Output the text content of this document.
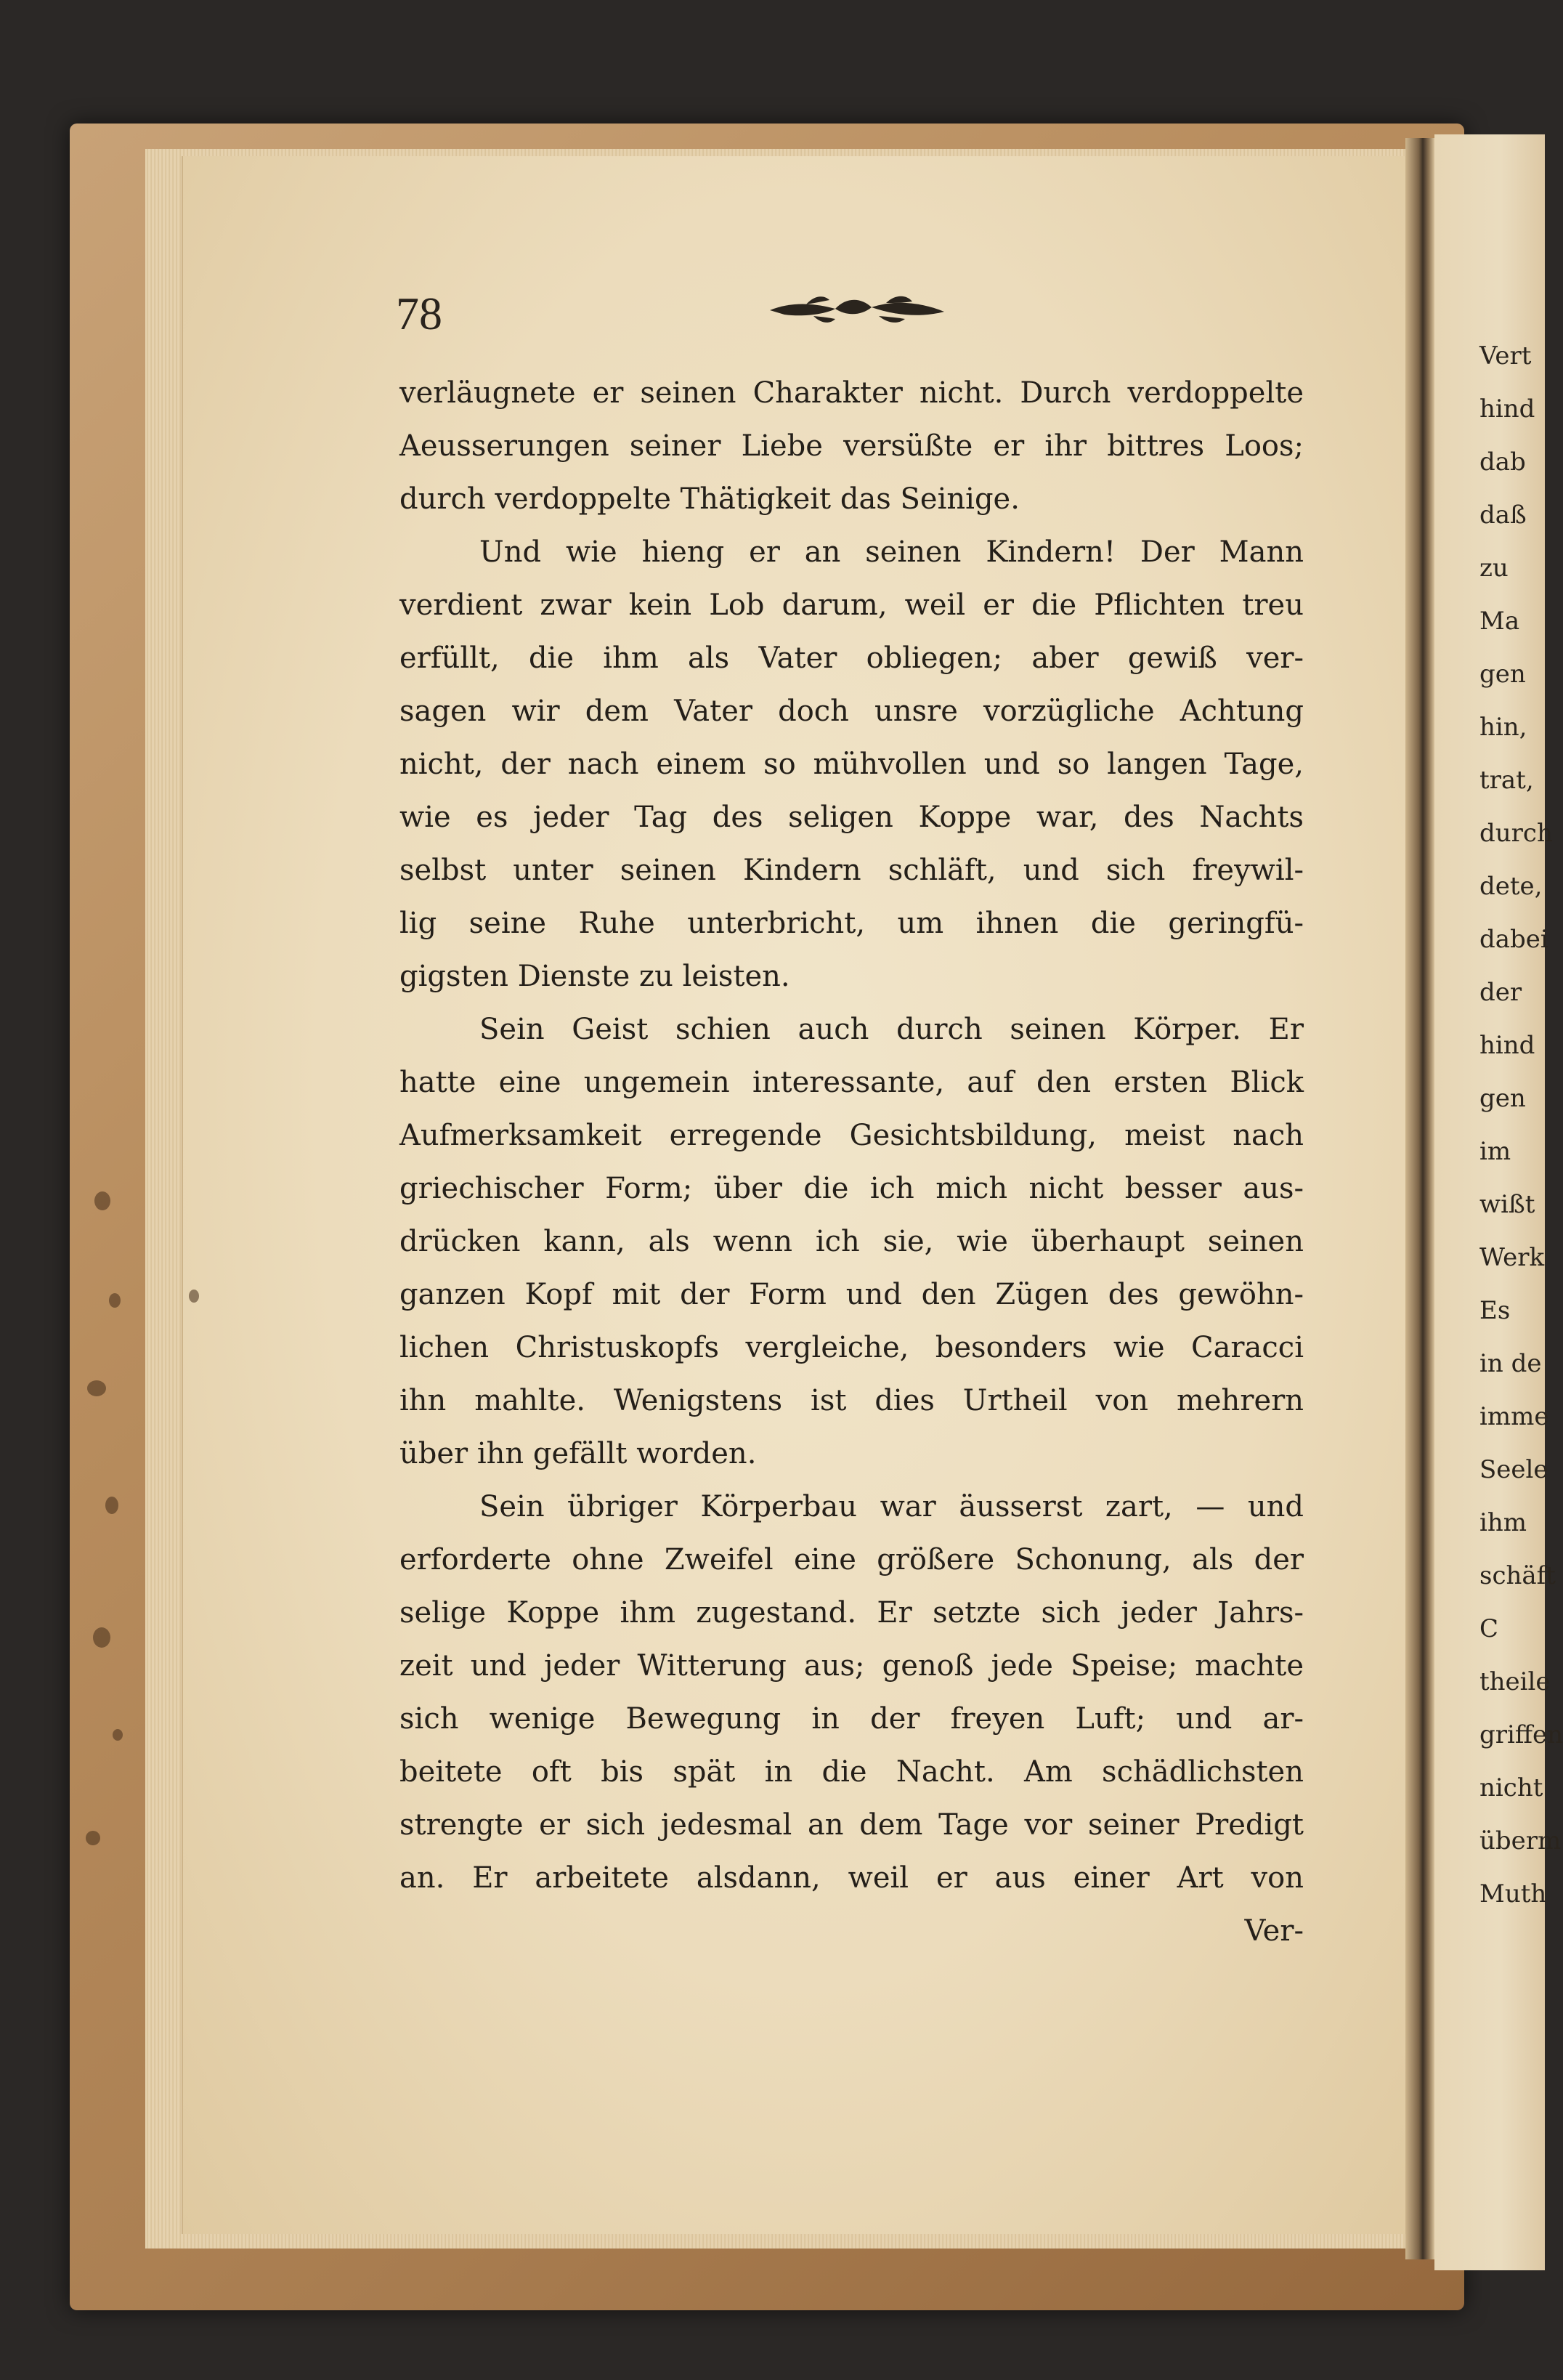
Vert
hind
dab
daß
zu
Ma
gen
hin,
trat,
durch
dete,
dabei
der
hind
gen
im
wißt
Werk
Es
in de
imme
Seele
ihm
schäft
C
theile
griffen
nicht
überm
Muth
78
verläugnete er seinen Charakter nicht. Durch verdoppelte
Aeusserungen seiner Liebe versüßte er ihr bittres Loos;
durch verdoppelte Thätigkeit das Seinige.
Und wie hieng er an seinen Kindern! Der Mann
verdient zwar kein Lob darum, weil er die Pflichten treu
erfüllt, die ihm als Vater obliegen; aber gewiß ver-
sagen wir dem Vater doch unsre vorzügliche Achtung
nicht, der nach einem so mühvollen und so langen Tage,
wie es jeder Tag des seligen Koppe war, des Nachts
selbst unter seinen Kindern schläft, und sich freywil-
lig seine Ruhe unterbricht, um ihnen die geringfü-
gigsten Dienste zu leisten.
Sein Geist schien auch durch seinen Körper. Er
hatte eine ungemein interessante, auf den ersten Blick
Aufmerksamkeit erregende Gesichtsbildung, meist nach
griechischer Form; über die ich mich nicht besser aus-
drücken kann, als wenn ich sie, wie überhaupt seinen
ganzen Kopf mit der Form und den Zügen des gewöhn-
lichen Christuskopfs vergleiche, besonders wie Caracci
ihn mahlte. Wenigstens ist dies Urtheil von mehrern
über ihn gefällt worden.
Sein übriger Körperbau war äusserst zart, — und
erforderte ohne Zweifel eine größere Schonung, als der
selige Koppe ihm zugestand. Er setzte sich jeder Jahrs-
zeit und jeder Witterung aus; genoß jede Speise; machte
sich wenige Bewegung in der freyen Luft; und ar-
beitete oft bis spät in die Nacht. Am schädlichsten
strengte er sich jedesmal an dem Tage vor seiner Predigt
an. Er arbeitete alsdann, weil er aus einer Art von
Ver-
